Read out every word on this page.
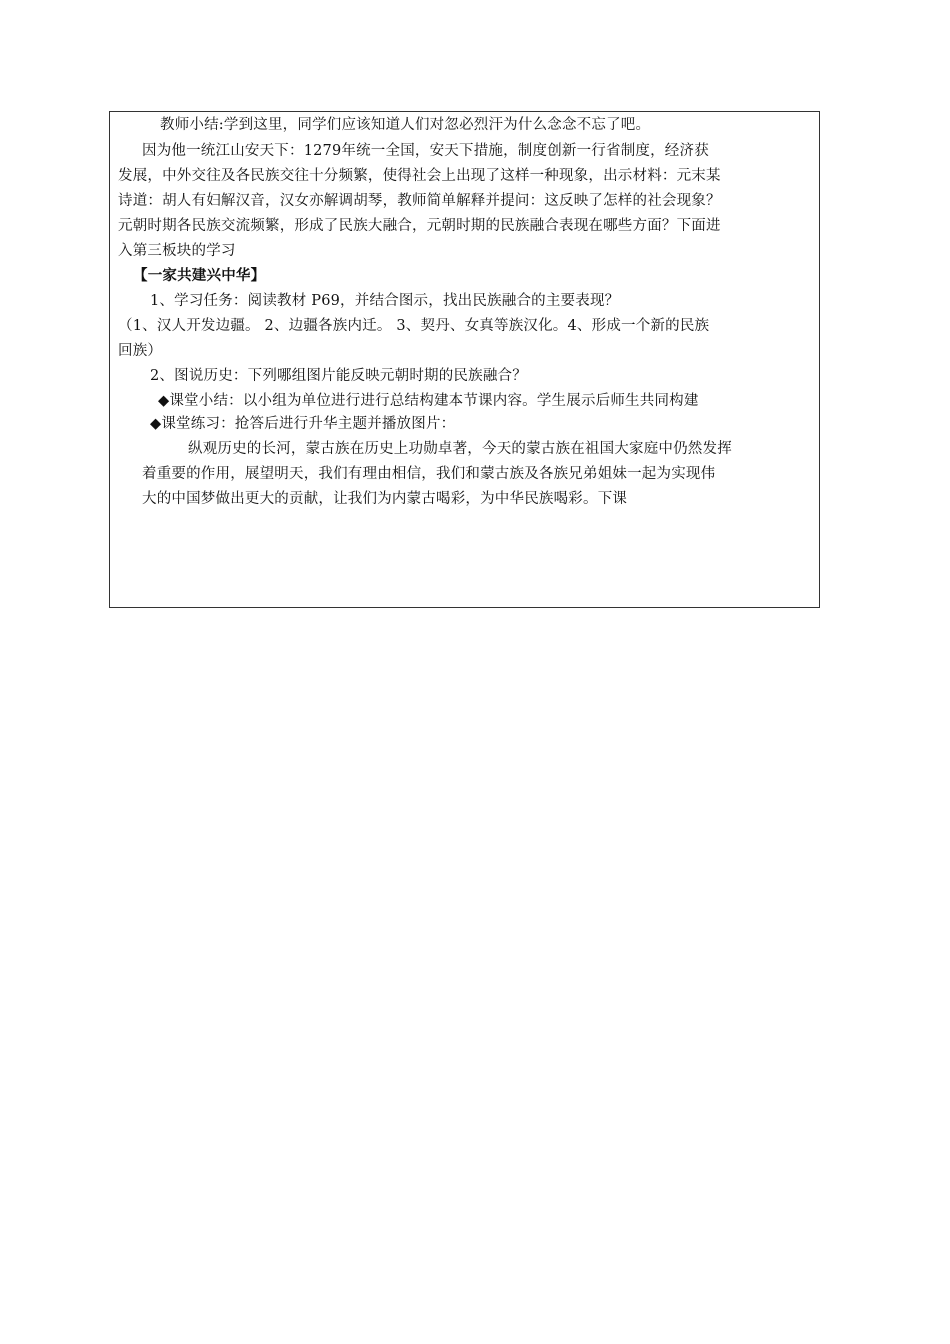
教师小结:学到这里，同学们应该知道人们对忽必烈汗为什么念念不忘了吧。
因为他一统江山安天下：1279年统一全国，安天下措施，制度创新一行省制度，经济获
发展，中外交往及各民族交往十分频繁，使得社会上出现了这样一种现象，出示材料：元末某
诗道：胡人有妇解汉音，汉女亦解调胡琴，教师简单解释并提问：这反映了怎样的社会现象？
元朝时期各民族交流频繁，形成了民族大融合，元朝时期的民族融合表现在哪些方面？下面进
入第三板块的学习
【一家共建兴中华】
1、学习任务：阅读教材 P69，并结合图示，找出民族融合的主要表现？
（1、汉人开发边疆。 2、边疆各族内迁。 3、契丹、女真等族汉化。4、形成一个新的民族
回族）
2、图说历史：下列哪组图片能反映元朝时期的民族融合？
◆课堂小结：以小组为单位进行进行总结构建本节课内容。学生展示后师生共同构建
◆课堂练习：抢答后进行升华主题并播放图片：
纵观历史的长河，蒙古族在历史上功勋卓著，今天的蒙古族在祖国大家庭中仍然发挥
着重要的作用，展望明天，我们有理由相信，我们和蒙古族及各族兄弟姐妹一起为实现伟
大的中国梦做出更大的贡献，让我们为内蒙古喝彩，为中华民族喝彩。下课
